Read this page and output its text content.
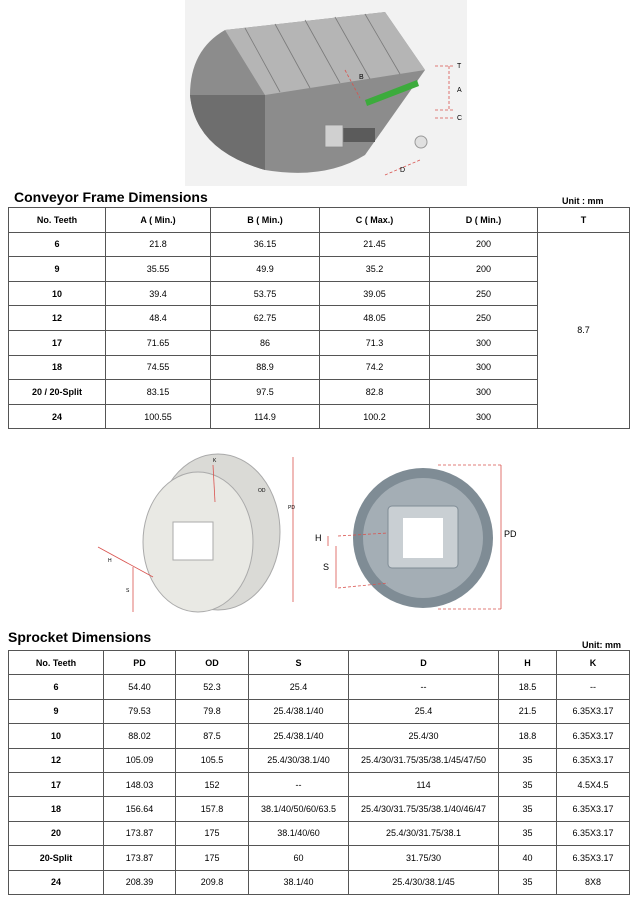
B
T
A
C
D
Conveyor Frame Dimensions	Unit : mm
No. Teeth	A ( Min.)	B ( Min.)	C ( Max.)	D ( Min.)	T
6	21.8	36.15	21.45	200	8.7
9	35.55	49.9	35.2	200	
10	39.4	53.75	39.05	250	
12	48.4	62.75	48.05	250	
17	71.65	86	71.3	300	
18	74.55	88.9	74.2	300	
20 / 20-Split	83.15	97.5	82.8	300	
24	100.55	114.9	100.2	300	
K
OD
PD
H
S
H
S
PD
Sprocket Dimensions	Unit: mm
No. Teeth	PD	OD	S	D	H	K
6	54.40	52.3	25.4	--	18.5	--
9	79.53	79.8	25.4/38.1/40	25.4	21.5	6.35X3.17
10	88.02	87.5	25.4/38.1/40	25.4/30	18.8	6.35X3.17
12	105.09	105.5	25.4/30/38.1/40	25.4/30/31.75/35/38.1/45/47/50	35	6.35X3.17
17	148.03	152	--	114	35	4.5X4.5
18	156.64	157.8	38.1/40/50/60/63.5	25.4/30/31.75/35/38.1/40/46/47	35	6.35X3.17
20	173.87	175	38.1/40/60	25.4/30/31.75/38.1	35	6.35X3.17
20-Split	173.87	175	60	31.75/30	40	6.35X3.17
24	208.39	209.8	38.1/40	25.4/30/38.1/45	35	8X8
